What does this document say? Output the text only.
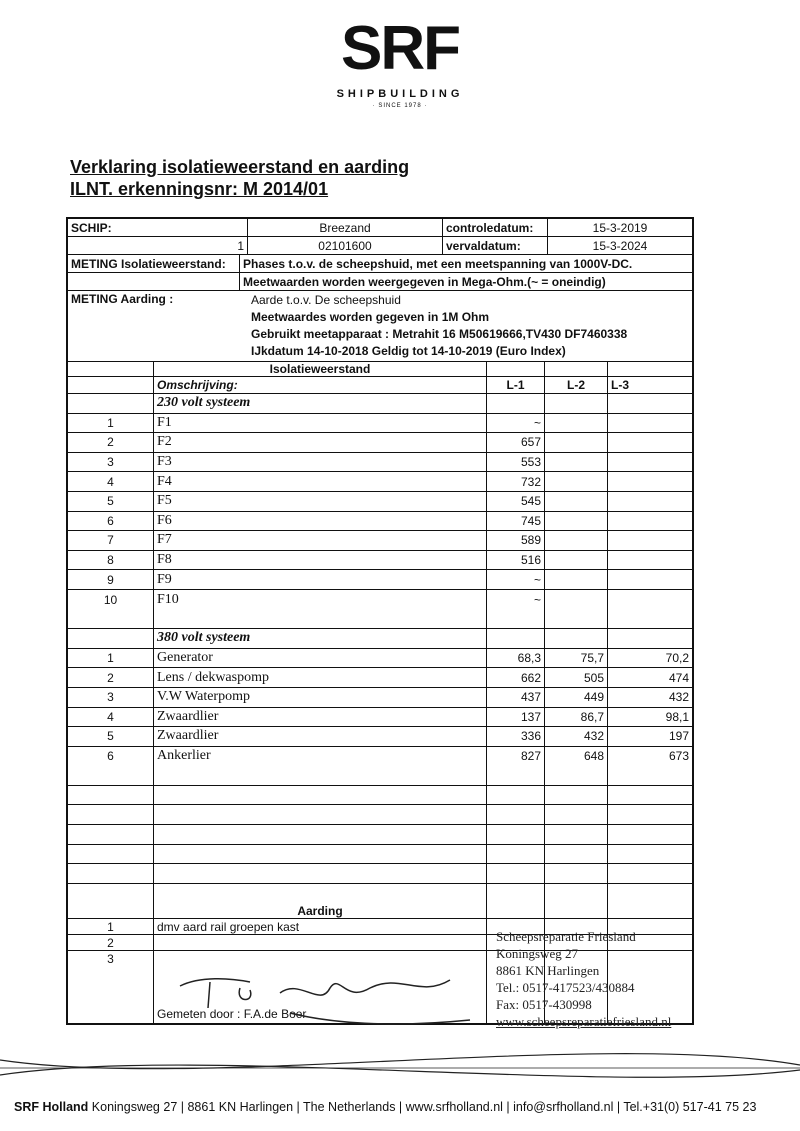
SRF
SHIPBUILDING
· SINCE 1978 ·
Verklaring isolatieweerstand en aarding
ILNT. erkenningsnr: M 2014/01
SCHIP:	Breezand	controledatum:	15-3-2019
1	02101600	vervaldatum:	15-3-2024
METING Isolatieweerstand:	Phases t.o.v. de scheepshuid, met een meetspanning van 1000V-DC.
Meetwaarden worden weergegeven in Mega-Ohm.(~ = oneindig)
METING Aarding :	Aarde t.o.v. De scheepshuid
Meetwaardes worden gegeven in 1M Ohm
Gebruikt meetapparaat : Metrahit 16 M50619666,TV430 DF7460338
IJkdatum 14-10-2018 Geldig tot 14-10-2019 (Euro Index)
Isolatieweerstand
Omschrijving:	L-1	L-2	L-3
230 volt systeem
1	F1	~
2	F2	657
3	F3	553
4	F4	732
5	F5	545
6	F6	745
7	F7	589
8	F8	516
9	F9	~
10	F10	~
380 volt systeem
1	Generator	68,3	75,7	70,2
2	Lens / dekwaspomp	662	505	474
3	V.W Waterpomp	437	449	432
4	Zwaardlier	137	86,7	98,1
5	Zwaardlier	336	432	197
6	Ankerlier	827	648	673
Aarding
1	dmv aard rail groepen kast
2
3
Gemeten door : F.A.de Boer
Scheepsreparatie Friesland
Koningsweg 27
8861 KN Harlingen
Tel.: 0517-417523/430884
Fax: 0517-430998
www.scheepsreparatiefriesland.nl
SRF Holland Koningsweg 27 | 8861 KN Harlingen | The Netherlands | www.srfholland.nl | info@srfholland.nl | Tel.+31(0) 517-41 75 23
